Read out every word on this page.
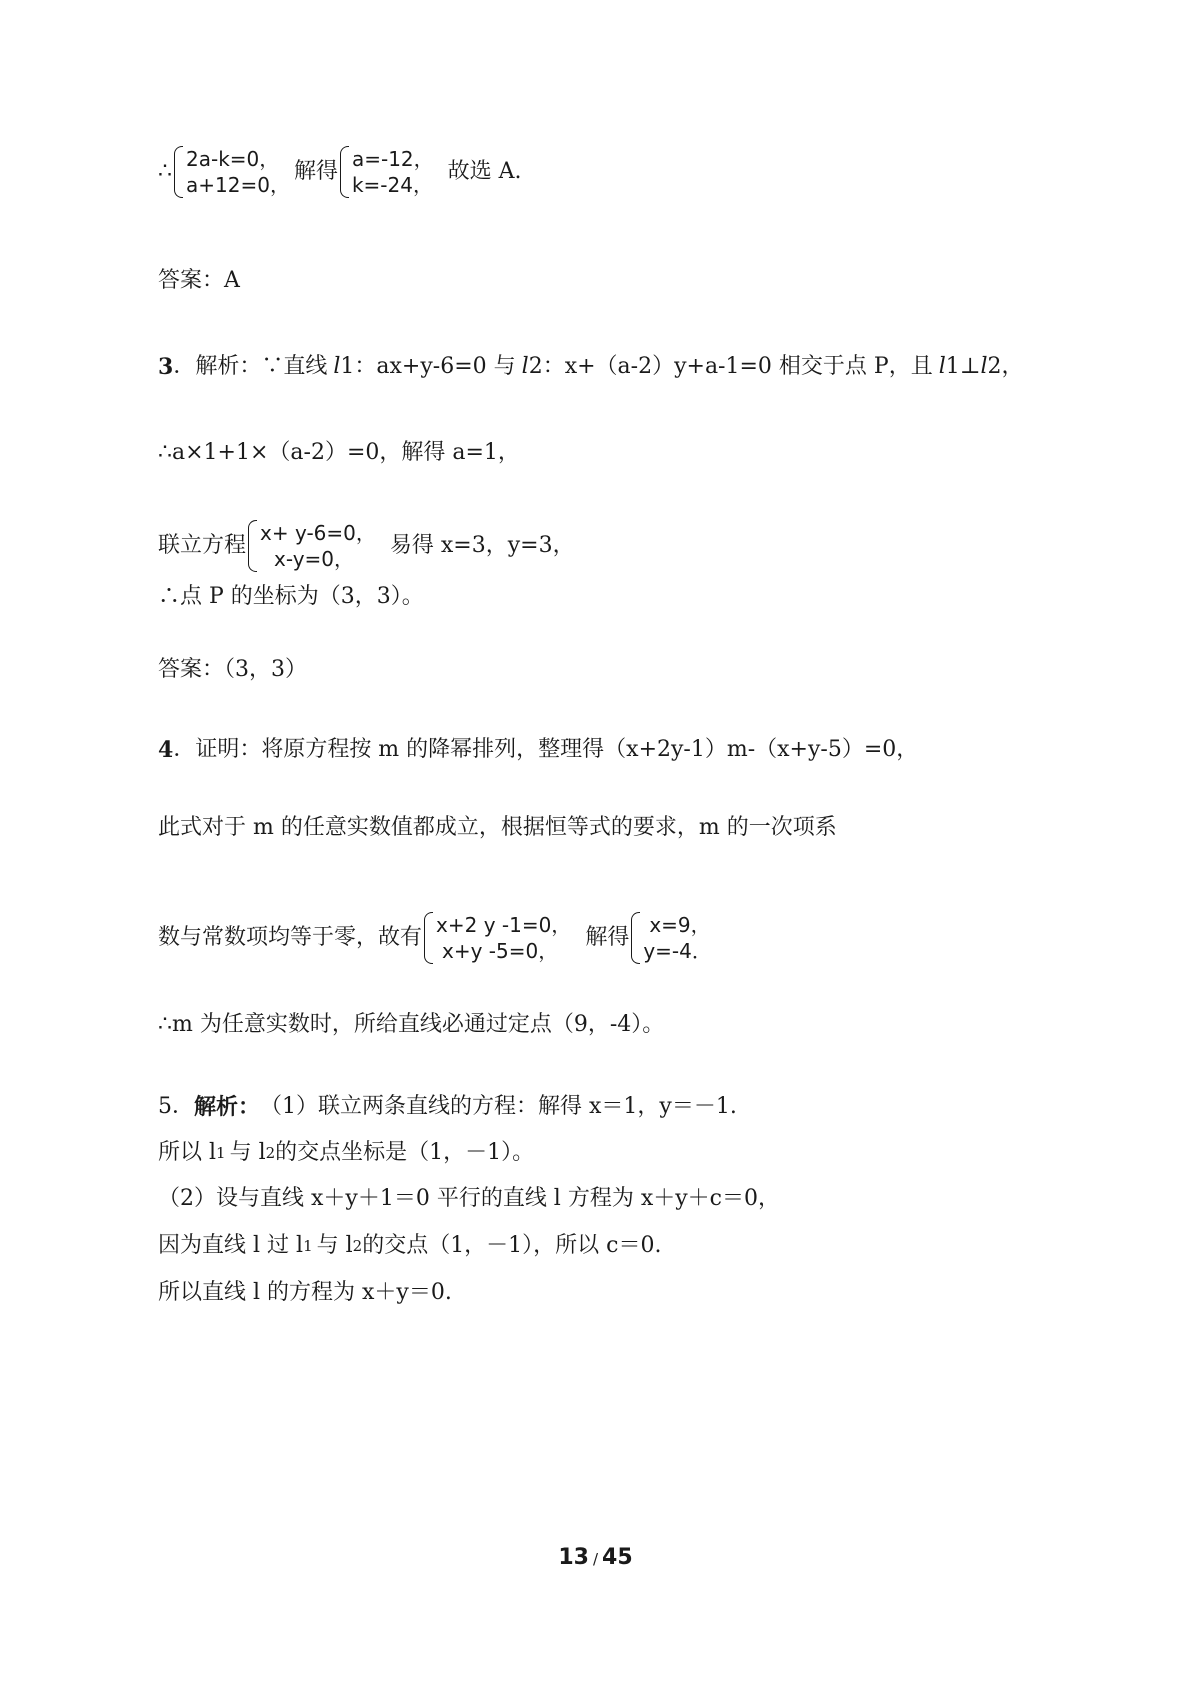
∴ 2a-k=0，
a+12=0，
解得 a=-12，
k=-24，
故选 A.
答案：A
3 ．解析： ∵直线 l 1 ：ax+y-6=0 与 l 2 ：x+（a-2）y+a-1=0 相交于点 P，且 l 1 ⊥ l 2 ，
∴a×1+1×（a-2）=0，解得 a=1，
联立方程 x+ y-6=0，
x-y=0，
易得 x=3，y=3，
∴点 P 的坐标为（3，3）。
答案：（3，3）
4 ．证明：将原方程按 m 的降幂排列，整理得（x+2y-1）m-（x+y-5）=0，
此式对于 m 的任意实数值都成立，根据恒等式的要求，m 的一次项系
数与常数项均等于零，故有 x+2 y -1=0，
x+y -5=0，
解得	x=9，
y=-4．
∴m 为任意实数时，所给直线必通过定点（9，-4）。
5． 解析： （1）联立两条直线的方程：解得 x＝1，y＝－1.
所以 l 1 与 l 2 的交点坐标是（1，－1）。
（2）设与直线 x＋y＋1＝0 平行的直线 l 方程为 x＋y＋c＝0，
因为直线 l 过 l 1 与 l 2 的交点（1，－1），所以 c＝0.
所以直线 l 的方程为 x＋y＝0.
13 / 45
